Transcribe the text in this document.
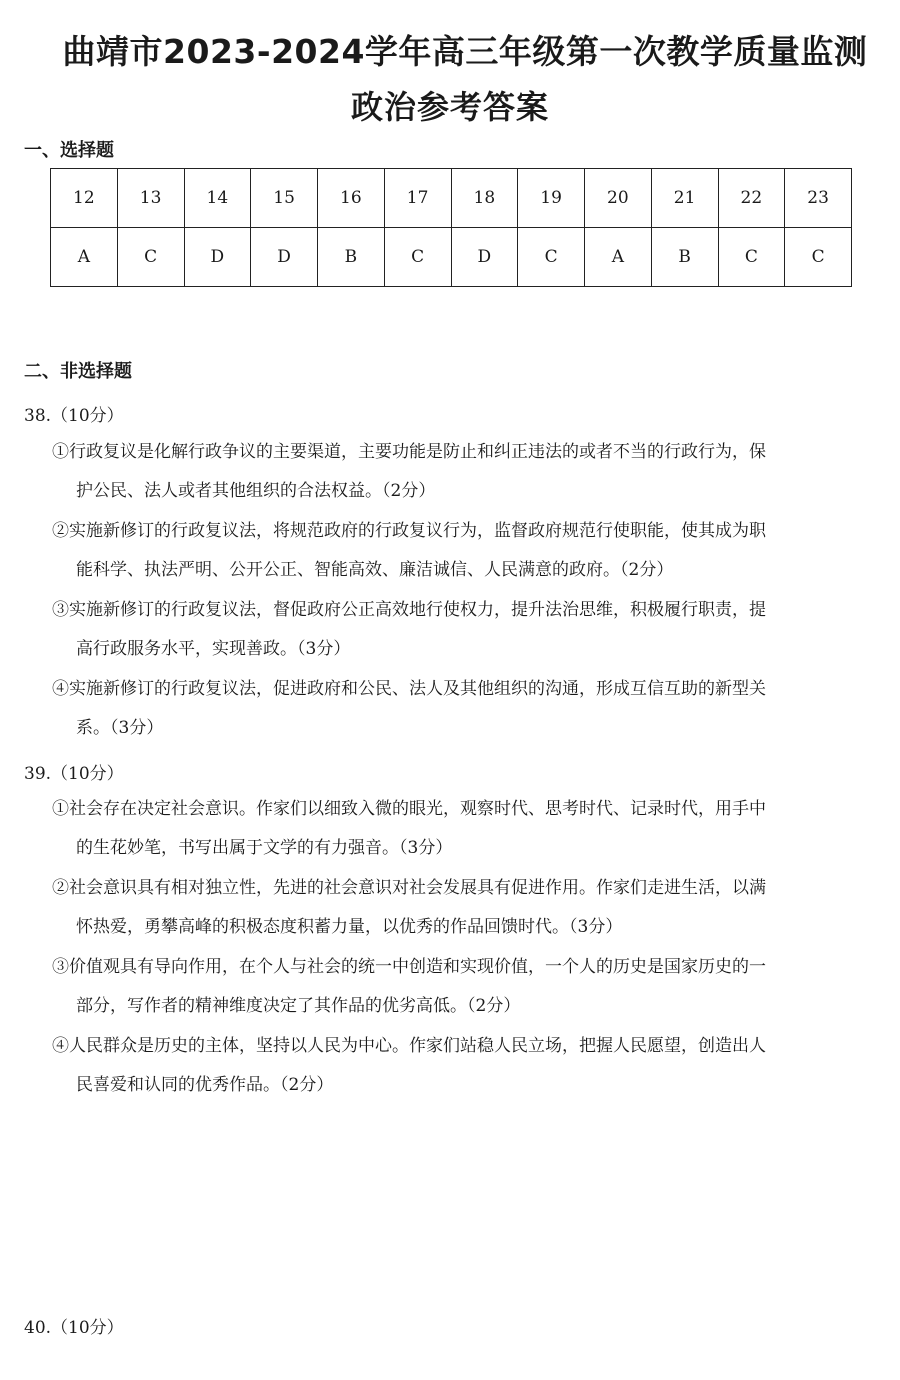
曲靖市2023-2024学年高三年级第一次教学质量监测
政治参考答案
一、选择题
12	13	14	15	16	17	18	19	20	21	22	23
A	C	D	D	B	C	D	C	A	B	C	C
二、非选择题
38.（10分）
①行政复议是化解行政争议的主要渠道，主要功能是防止和纠正违法的或者不当的行政行为，保
护公民、法人或者其他组织的合法权益。（2分）
②实施新修订的行政复议法，将规范政府的行政复议行为，监督政府规范行使职能，使其成为职
能科学、执法严明、公开公正、智能高效、廉洁诚信、人民满意的政府。（2分）
③实施新修订的行政复议法，督促政府公正高效地行使权力，提升法治思维，积极履行职责，提
高行政服务水平，实现善政。（3分）
④实施新修订的行政复议法，促进政府和公民、法人及其他组织的沟通，形成互信互助的新型关
系。（3分）
39.（10分）
①社会存在决定社会意识。作家们以细致入微的眼光，观察时代、思考时代、记录时代，用手中
的生花妙笔，书写出属于文学的有力强音。（3分）
②社会意识具有相对独立性，先进的社会意识对社会发展具有促进作用。作家们走进生活，以满
怀热爱，勇攀高峰的积极态度积蓄力量，以优秀的作品回馈时代。（3分）
③价值观具有导向作用，在个人与社会的统一中创造和实现价值，一个人的历史是国家历史的一
部分，写作者的精神维度决定了其作品的优劣高低。（2分）
④人民群众是历史的主体，坚持以人民为中心。作家们站稳人民立场，把握人民愿望，创造出人
民喜爱和认同的优秀作品。（2分）
40.（10分）
